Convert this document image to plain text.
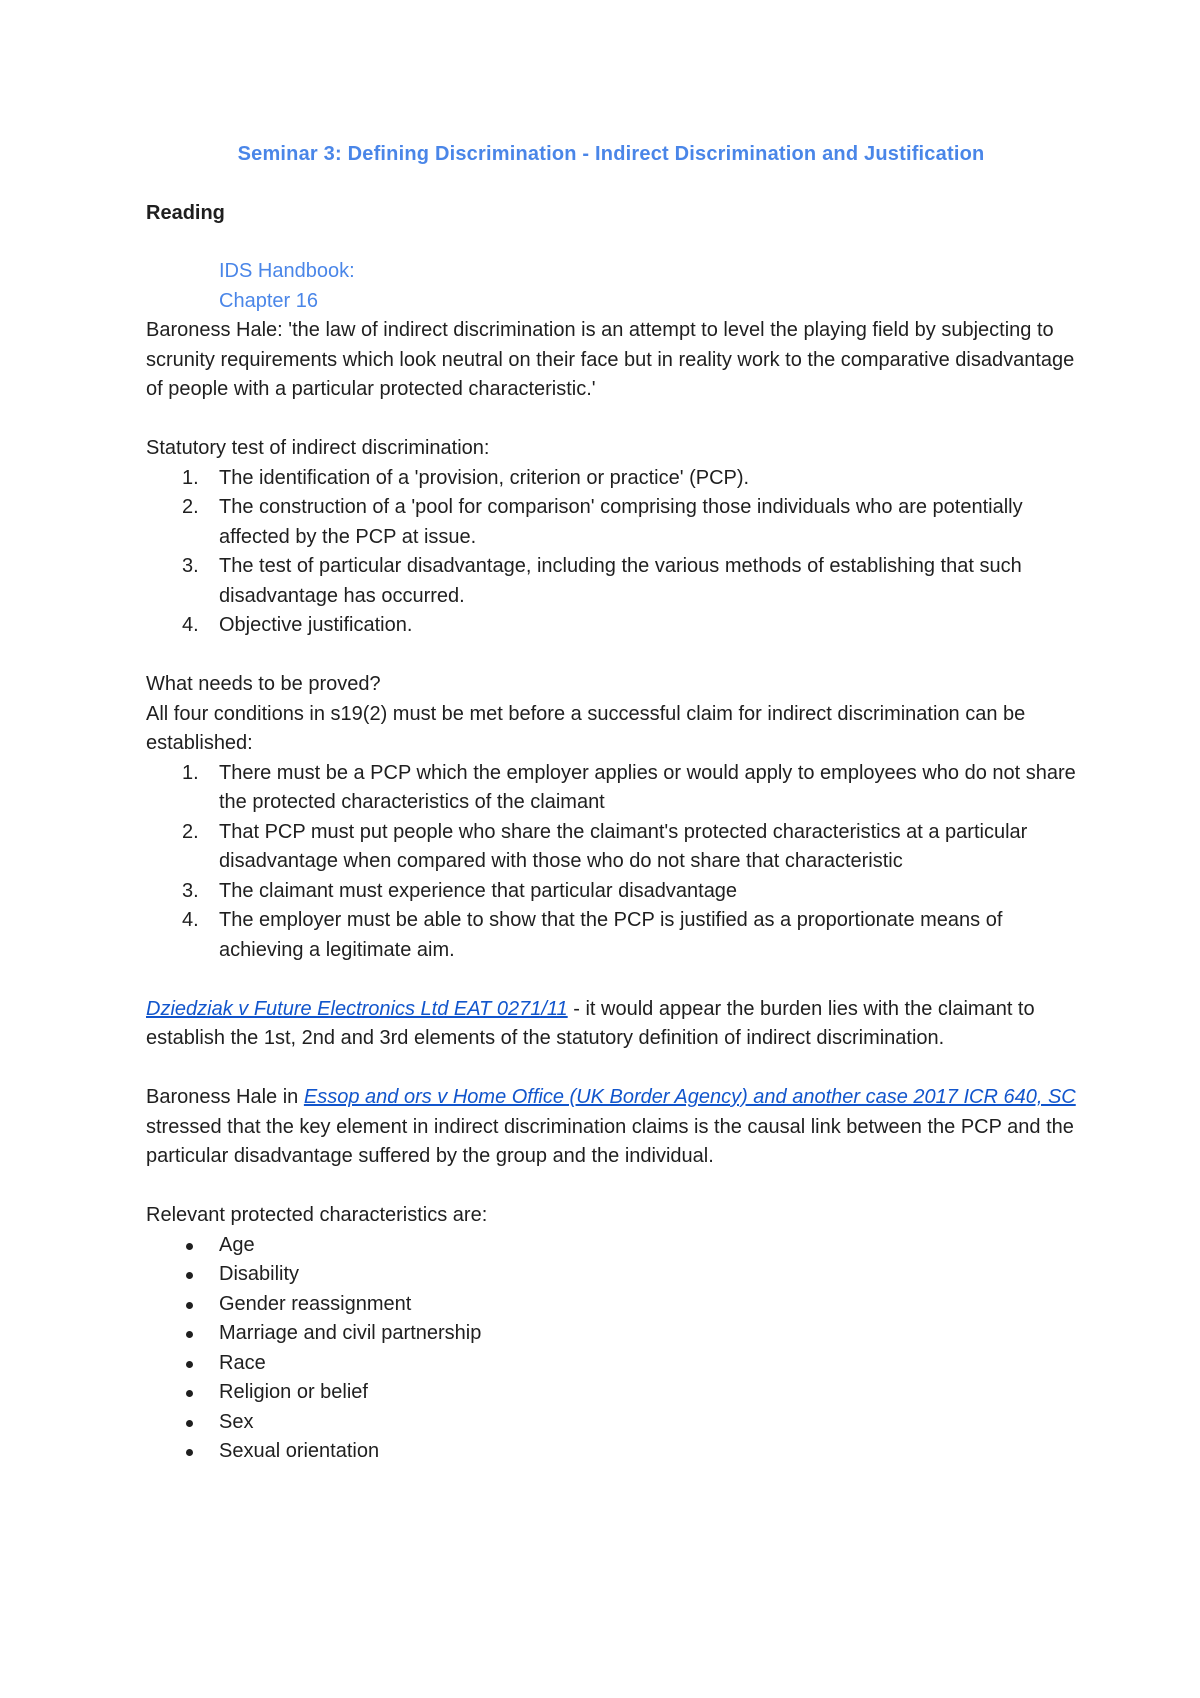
Seminar 3: Defining Discrimination - Indirect Discrimination and Justification
Reading
IDS Handbook:
Chapter 16

Baroness Hale: 'the law of indirect discrimination is an attempt to level the playing field by subjecting to scrunity requirements which look neutral on their face but in reality work to the comparative disadvantage of people with a particular protected characteristic.'

Statutory test of indirect discrimination:

1.	The identification of a 'provision, criterion or practice' (PCP).
2.	The construction of a 'pool for comparison' comprising those individuals who are potentially affected by the PCP at issue.
3.	The test of particular disadvantage, including the various methods of establishing that such disadvantage has occurred.
4.	Objective justification.

What needs to be proved?

All four conditions in s19(2) must be met before a successful claim for indirect discrimination can be established:

1.	There must be a PCP which the employer applies or would apply to employees who do not share the protected characteristics of the claimant
2.	That PCP must put people who share the claimant's protected characteristics at a particular disadvantage when compared with those who do not share that characteristic
3.	The claimant must experience that particular disadvantage
4.	The employer must be able to show that the PCP is justified as a proportionate means of achieving a legitimate aim.

Dziedziak v Future Electronics Ltd EAT 0271/11 - it would appear the burden lies with the claimant to establish the 1st, 2nd and 3rd elements of the statutory definition of indirect discrimination.

Baroness Hale in Essop and ors v Home Office (UK Border Agency) and another case 2017 ICR 640, SC stressed that the key element in indirect discrimination claims is the causal link between the PCP and the particular disadvantage suffered by the group and the individual.

Relevant protected characteristics are:

Age
Disability
Gender reassignment
Marriage and civil partnership
Race
Religion or belief
Sex
Sexual orientation
